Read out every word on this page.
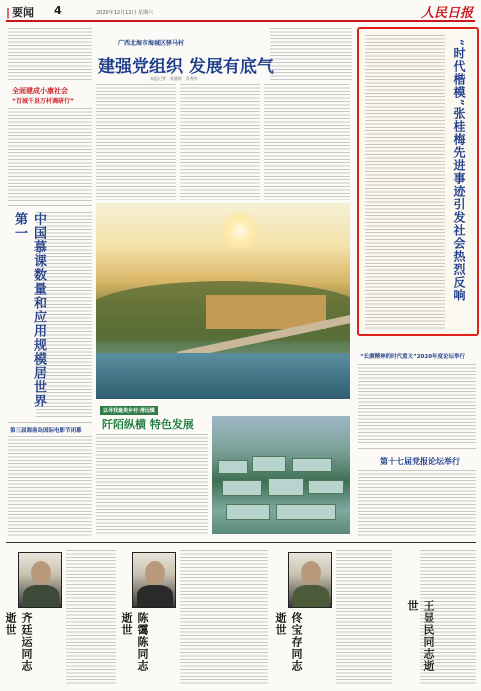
| 要闻 4	2020年12月12日 星期六	人民日报
广西北海市海城区驿马村
建强党组织 发展有底气
本报记者   张健勋   吴秀华
全面建成小康社会
“百城千县万村调研行”
中国慕课数量和应用规模居世界第一
第三届海南岛国际电影节闭幕
以寻找最美乡村·清远镇
阡陌纵横 特色发展
“时代楷模”张桂梅先进事迹引发社会热烈反响
“长赓精神的时代意义”2020年度论坛举行
第十七届党报论坛举行
齐廷运同志逝世	陈霭陈同志逝世	佟宝存同志逝世	王显民同志逝世
